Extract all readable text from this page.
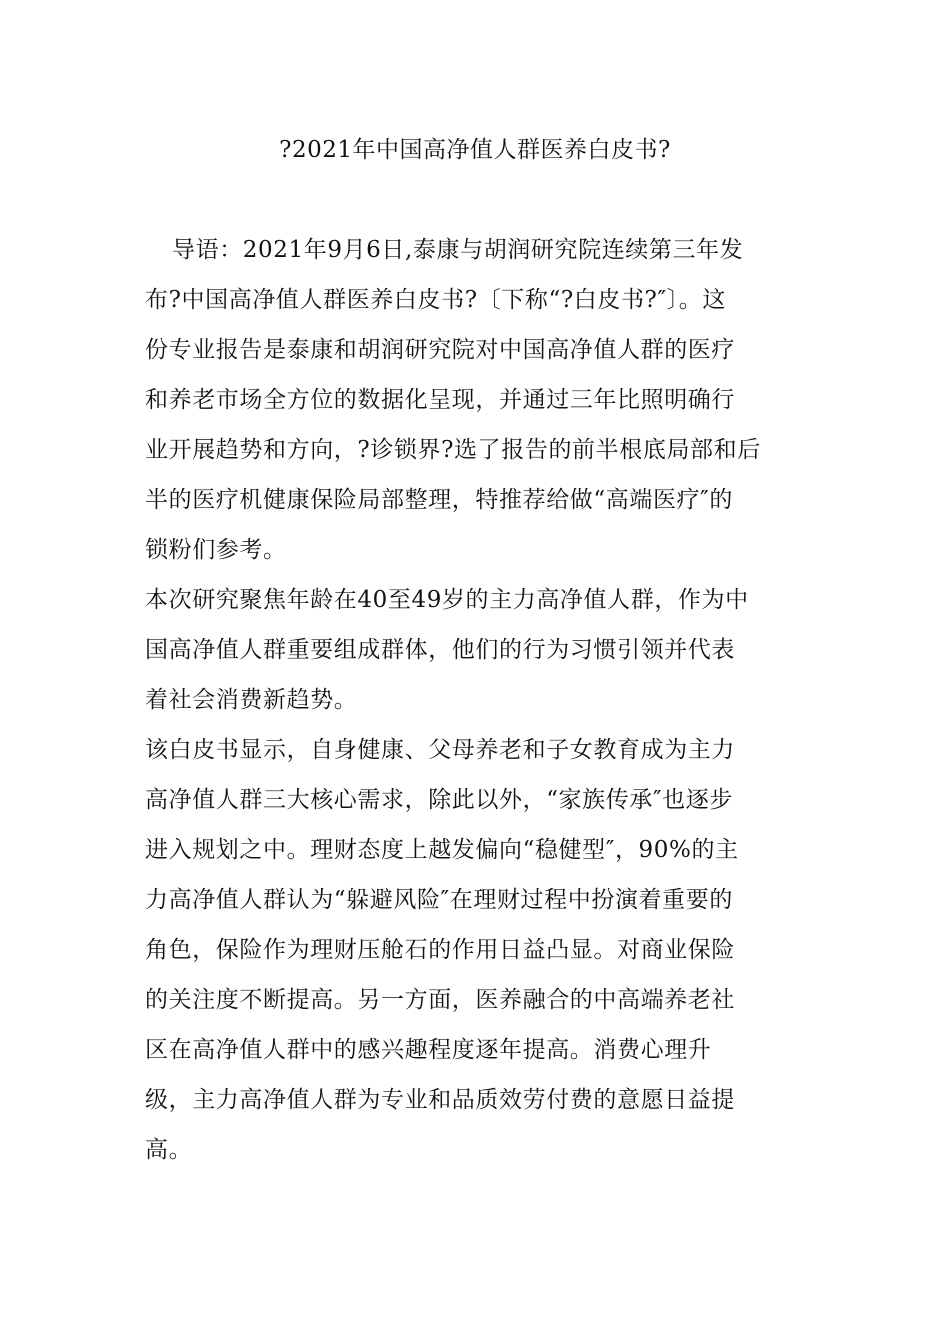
?2021年中国高净值人群医养白皮书?
导语：2021年9月6日,泰康与胡润研究院连续第三年发
布?中国高净值人群医养白皮书?〔下称“?白皮书?″〕。这
份专业报告是泰康和胡润研究院对中国高净值人群的医疗
和养老市场全方位的数据化呈现，并通过三年比照明确行
业开展趋势和方向，?诊锁界?选了报告的前半根底局部和后
半的医疗机健康保险局部整理，特推荐给做“高端医疗″的
锁粉们参考。
本次研究聚焦年龄在40至49岁的主力高净值人群，作为中
国高净值人群重要组成群体，他们的行为习惯引领并代表
着社会消费新趋势。
该白皮书显示，自身健康、父母养老和子女教育成为主力
高净值人群三大核心需求，除此以外，“家族传承″也逐步
进入规划之中。理财态度上越发偏向“稳健型″，90%的主
力高净值人群认为“躲避风险″在理财过程中扮演着重要的
角色，保险作为理财压舱石的作用日益凸显。对商业保险
的关注度不断提高。另一方面，医养融合的中高端养老社
区在高净值人群中的感兴趣程度逐年提高。消费心理升
级，主力高净值人群为专业和品质效劳付费的意愿日益提
高。
